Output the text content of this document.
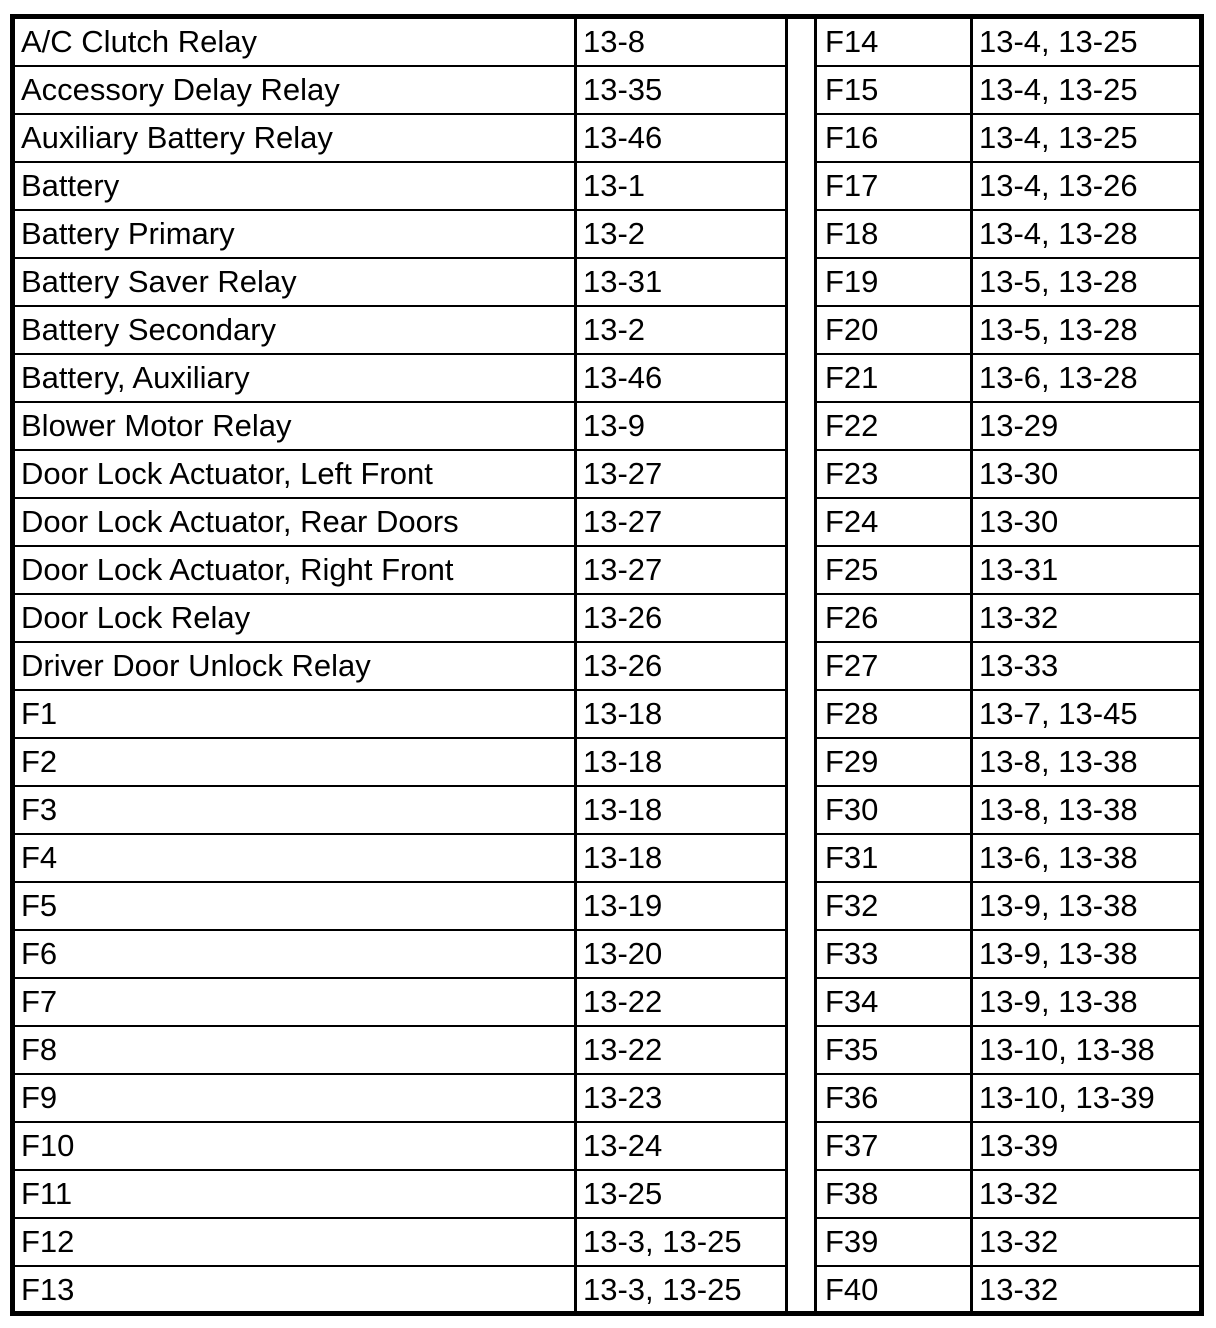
A/C Clutch Relay	13-8
Accessory Delay Relay	13-35
Auxiliary Battery Relay	13-46
Battery	13-1
Battery Primary	13-2
Battery Saver Relay	13-31
Battery Secondary	13-2
Battery, Auxiliary	13-46
Blower Motor Relay	13-9
Door Lock Actuator, Left Front	13-27
Door Lock Actuator, Rear Doors	13-27
Door Lock Actuator, Right Front	13-27
Door Lock Relay	13-26
Driver Door Unlock Relay	13-26
F1	13-18
F2	13-18
F3	13-18
F4	13-18
F5	13-19
F6	13-20
F7	13-22
F8	13-22
F9	13-23
F10	13-24
F11	13-25
F12	13-3, 13-25
F13	13-3, 13-25
F14	13-4, 13-25
F15	13-4, 13-25
F16	13-4, 13-25
F17	13-4, 13-26
F18	13-4, 13-28
F19	13-5, 13-28
F20	13-5, 13-28
F21	13-6, 13-28
F22	13-29
F23	13-30
F24	13-30
F25	13-31
F26	13-32
F27	13-33
F28	13-7, 13-45
F29	13-8, 13-38
F30	13-8, 13-38
F31	13-6, 13-38
F32	13-9, 13-38
F33	13-9, 13-38
F34	13-9, 13-38
F35	13-10, 13-38
F36	13-10, 13-39
F37	13-39
F38	13-32
F39	13-32
F40	13-32
